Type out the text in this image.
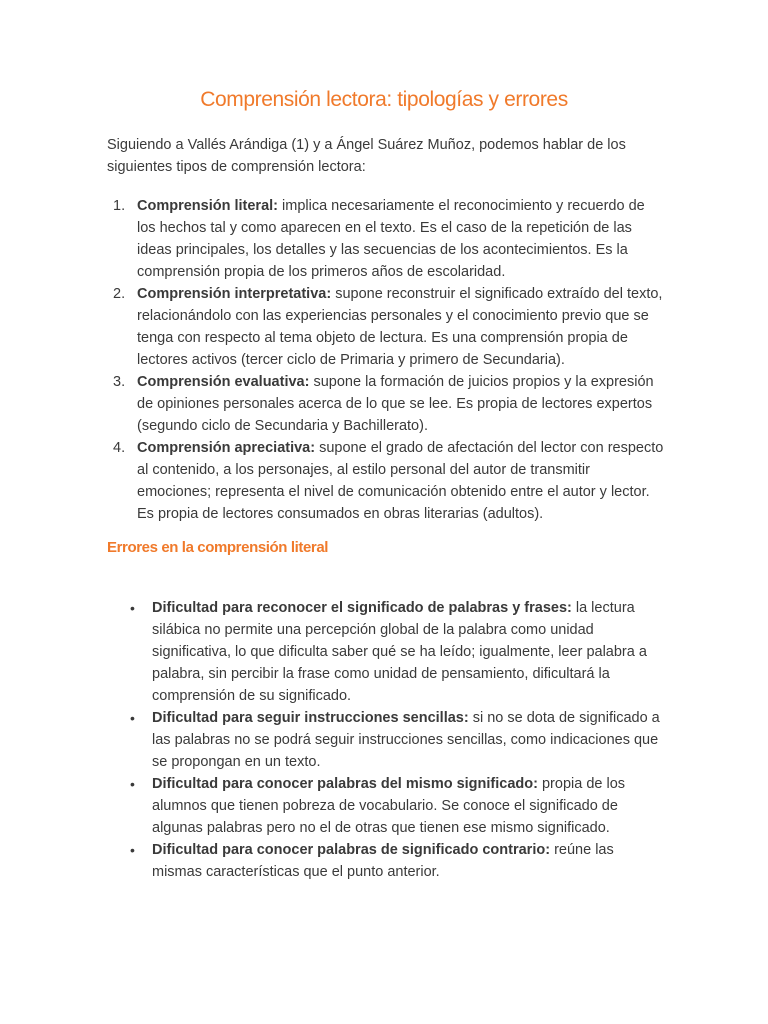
Comprensión lectora: tipologías y errores

Siguiendo a Vallés Arándiga (1) y a Ángel Suárez Muñoz, podemos hablar de los siguientes tipos de comprensión lectora:

1. Comprensión literal: implica necesariamente el reconocimiento y recuerdo de los hechos tal y como aparecen en el texto. Es el caso de la repetición de las ideas principales, los detalles y las secuencias de los acontecimientos. Es la comprensión propia de los primeros años de escolaridad.
2. Comprensión interpretativa: supone reconstruir el significado extraído del texto, relacionándolo con las experiencias personales y el conocimiento previo que se tenga con respecto al tema objeto de lectura. Es una comprensión propia de lectores activos (tercer ciclo de Primaria y primero de Secundaria).
3. Comprensión evaluativa: supone la formación de juicios propios y la expresión de opiniones personales acerca de lo que se lee. Es propia de lectores expertos (segundo ciclo de Secundaria y Bachillerato).
4. Comprensión apreciativa: supone el grado de afectación del lector con respecto al contenido, a los personajes, al estilo personal del autor de transmitir emociones; representa el nivel de comunicación obtenido entre el autor y lector. Es propia de lectores consumados en obras literarias (adultos).
Errores en la comprensión literal
• Dificultad para reconocer el significado de palabras y frases: la lectura silábica no permite una percepción global de la palabra como unidad significativa, lo que dificulta saber qué se ha leído; igualmente, leer palabra a palabra, sin percibir la frase como unidad de pensamiento, dificultará la comprensión de su significado.
• Dificultad para seguir instrucciones sencillas: si no se dota de significado a las palabras no se podrá seguir instrucciones sencillas, como indicaciones que se propongan en un texto.
• Dificultad para conocer palabras del mismo significado: propia de los alumnos que tienen pobreza de vocabulario. Se conoce el significado de algunas palabras pero no el de otras que tienen ese mismo significado.
• Dificultad para conocer palabras de significado contrario: reúne las mismas características que el punto anterior.
